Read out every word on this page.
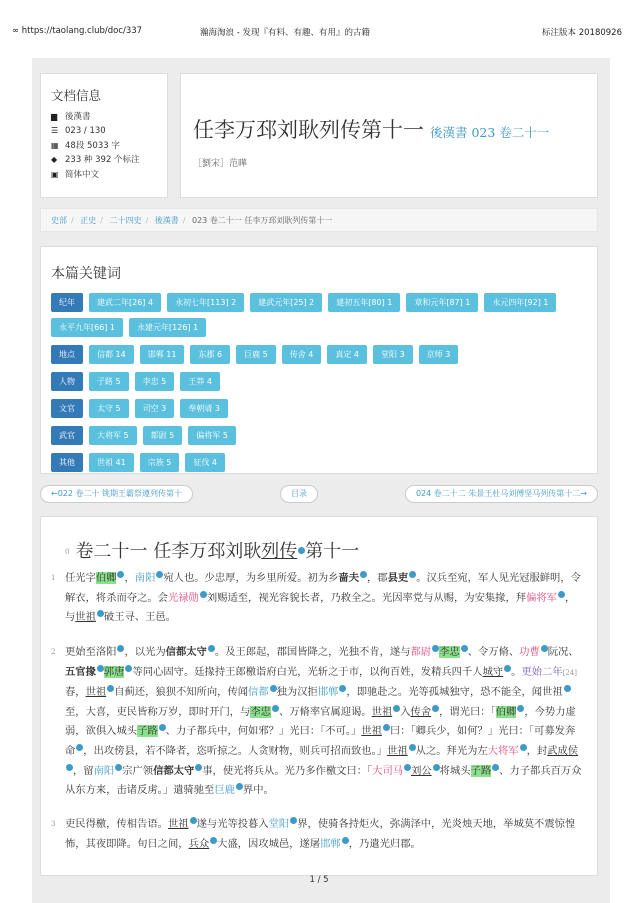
∞ https://taolang.club/doc/337	瀚海淘浪 - 发现『有料、有趣、有用』的古籍	标注版本 20180926
文档信息
▆ 後漢書
☰ 023 / 130
▦ 48段 5033 字
◆ 233 种 392 个标注
▣ 简体中文
任李万邳刘耿列传第十一 後漢書 023 卷二十一
［劉宋］范曄
史部 / 正史 / 二十四史 / 後漢書 / 023 卷二十一 任李万邳刘耿列传第十一
本篇关键词
纪年	建武二年[26] 4	永初七年[113] 2	建武元年[25] 2	建初五年[80] 1	章和元年[87] 1	永元四年[92] 1
永平九年[66] 1	永建元年[126] 1
地点	信都 14	邯郸 11	东郡 6	巨鹿 5	传舍 4	真定 4	堂阳 3	京师 3
人物	子路 5	李忠 5	王莽 4
文官	太守 5	司空 3	奉朝请 3
武官	大将军 5	都尉 5	偏将军 5
其他	世祖 41	宗族 5	征伐 4
←022 卷二十 铫期王霸祭遵列传第十	目录	024 卷二十二 朱景王杜马刘傅坚马列传第十二→
0 卷二十一 任李万邳刘耿列传 第十一
1 任光字伯卿 ，南阳 宛人也。少忠厚，为乡里所爱。初为乡啬夫 ，郡县吏 。汉兵至宛，军人见光冠服鲜明，令解衣，将杀而夺之。会光禄勋 刘赐适至，视光容貌长者，乃救全之。光因率党与从赐，为安集掾，拜偏将军 ，与世祖 破王寻、王邑。
2 更始至洛阳 ，以光为信都太守 。及王郎起，郡国皆降之，光独不肯，遂与都尉 李忠 、令万脩、功曹 阮况、五官掾 郭唐 等同心固守。廷掾持王郎檄诣府白光，光斩之于市，以徇百姓，发精兵四千人城守 。更始二年[24]春，世祖 自蓟还，狼狈不知所向，传闻信都 独为汉拒邯郸 ，即驰赴之。光等孤城独守，恐不能全，闻世祖至，大喜，吏民皆称万岁，即时开门，与李忠 、万脩率官属迎谒。世祖 入传舍 ，谓光曰：「伯卿 ，今势力虚弱，欲俱入城头子路 、力子都兵中，何如邪？」光曰：「不可。」世祖 曰：「卿兵少，如何？」光曰：「可募发奔命 ，出攻傍县，若不降者，恣听掠之。人贪财物，则兵可招而致也。」世祖 从之。拜光为左大将军 ，封武成侯，留南阳 宗广领信都太守 事，使光将兵从。光乃多作檄文曰：「大司马 刘公 将城头子路 、力子都兵百万众从东方来，击诸反虏。」遣骑驰至巨鹿 界中。
3 吏民得檄，传相告语。世祖 遂与光等投暮入堂阳 界，使骑各持炬火，弥满泽中，光炎烛天地，举城莫不震惊惶怖，其夜即降。旬日之间，兵众 大盛，因攻城邑，遂屠邯郸 ，乃遣光归郡。
1 / 5
